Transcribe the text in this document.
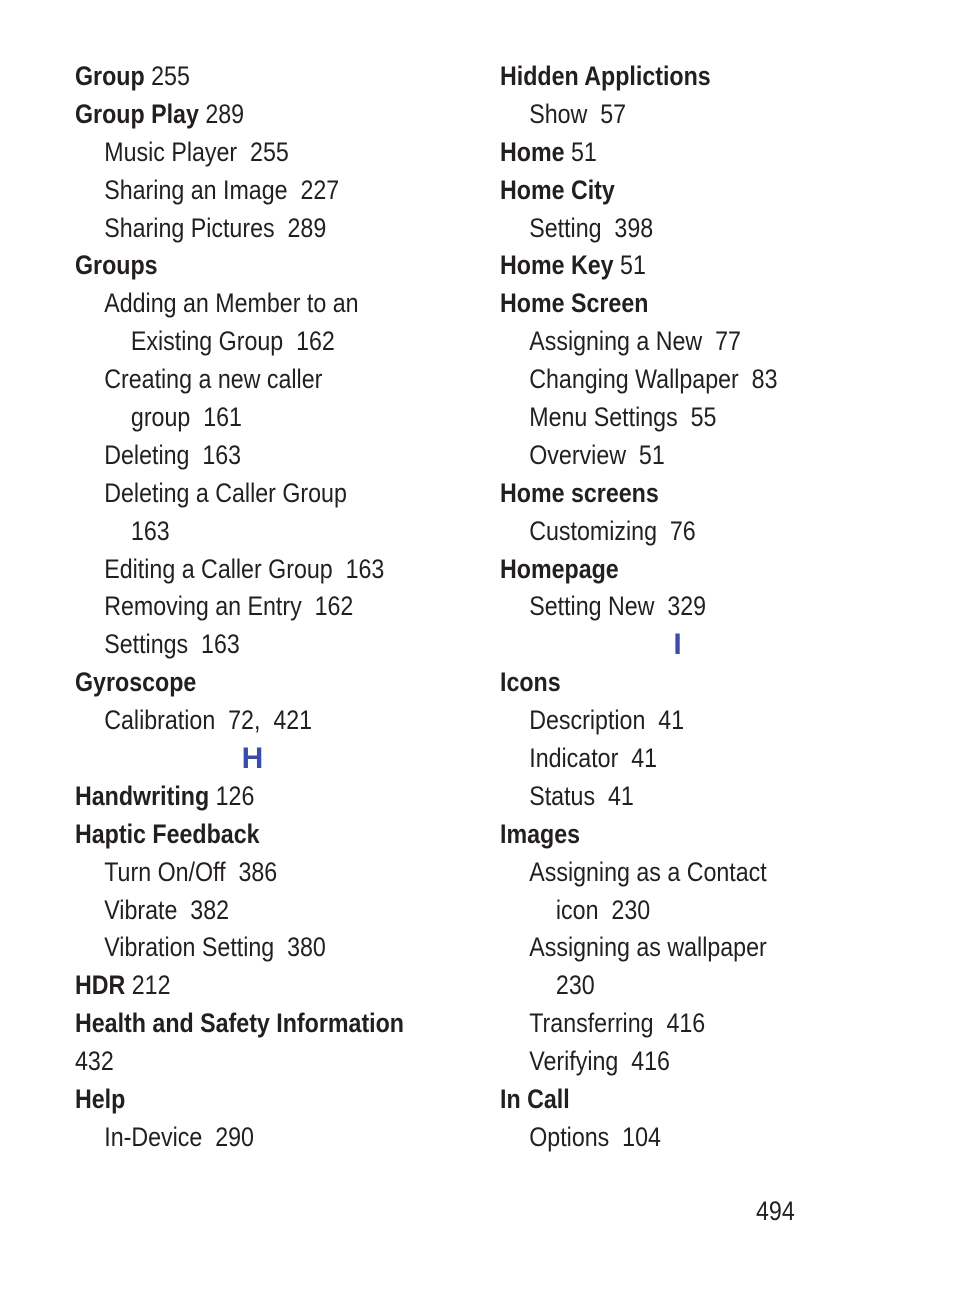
Group 255
Group Play 289
Music Player  255
Sharing an Image  227
Sharing Pictures  289
Groups
Adding an Member to an
Existing Group  162
Creating a new caller
group  161
Deleting  163
Deleting a Caller Group
163
Editing a Caller Group  163
Removing an Entry  162
Settings  163
Gyroscope
Calibration  72,  421
H
Handwriting 126
Haptic Feedback
Turn On/Off  386
Vibrate  382
Vibration Setting  380
HDR 212
Health and Safety Information
432
Help
In-Device  290
Hidden Applictions
Show  57
Home 51
Home City
Setting  398
Home Key 51
Home Screen
Assigning a New  77
Changing Wallpaper  83
Menu Settings  55
Overview  51
Home screens
Customizing  76
Homepage
Setting New  329
I
Icons
Description  41
Indicator  41
Status  41
Images
Assigning as a Contact
icon  230
Assigning as wallpaper
230
Transferring  416
Verifying  416
In Call
Options  104
494
